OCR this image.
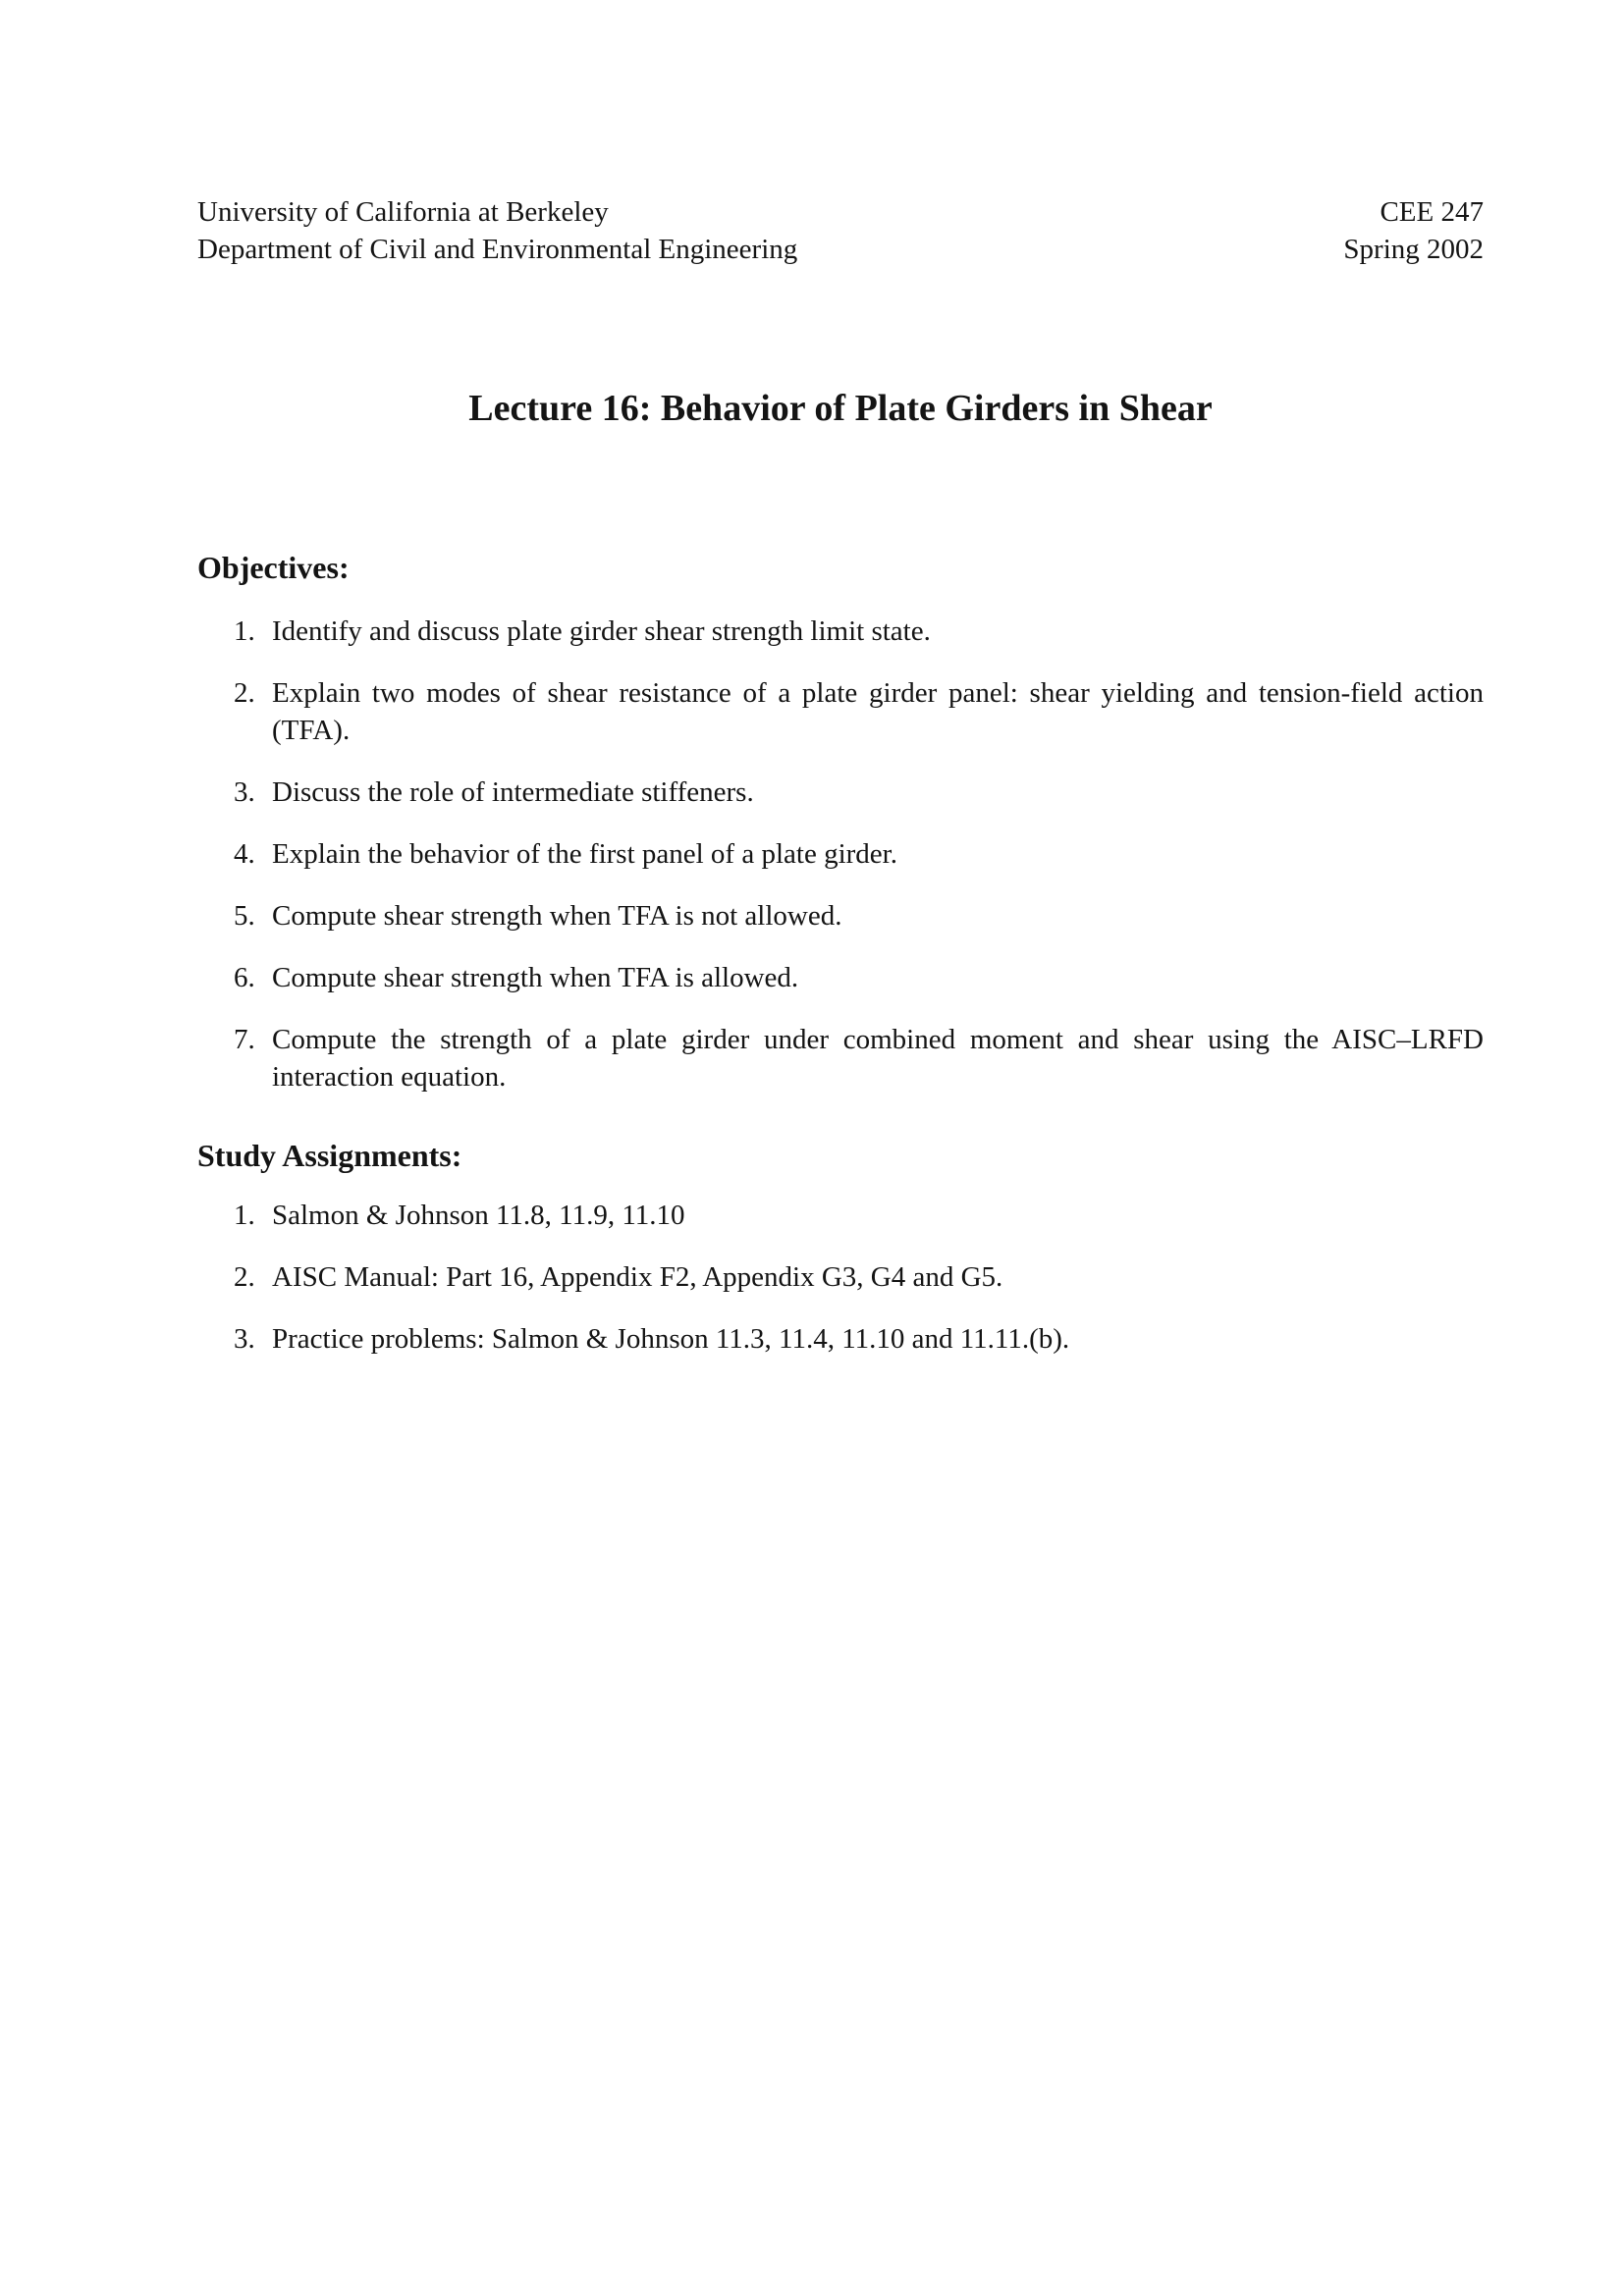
University of California at Berkeley
Department of Civil and Environmental Engineering
CEE 247
Spring 2002
Lecture 16: Behavior of Plate Girders in Shear
Objectives:
1. Identify and discuss plate girder shear strength limit state.
2. Explain two modes of shear resistance of a plate girder panel: shear yielding and tension-field action (TFA).
3. Discuss the role of intermediate stiffeners.
4. Explain the behavior of the first panel of a plate girder.
5. Compute shear strength when TFA is not allowed.
6. Compute shear strength when TFA is allowed.
7. Compute the strength of a plate girder under combined moment and shear using the AISC–LRFD interaction equation.
Study Assignments:
1. Salmon & Johnson 11.8, 11.9, 11.10
2. AISC Manual: Part 16, Appendix F2, Appendix G3, G4 and G5.
3. Practice problems: Salmon & Johnson 11.3, 11.4, 11.10 and 11.11.(b).
